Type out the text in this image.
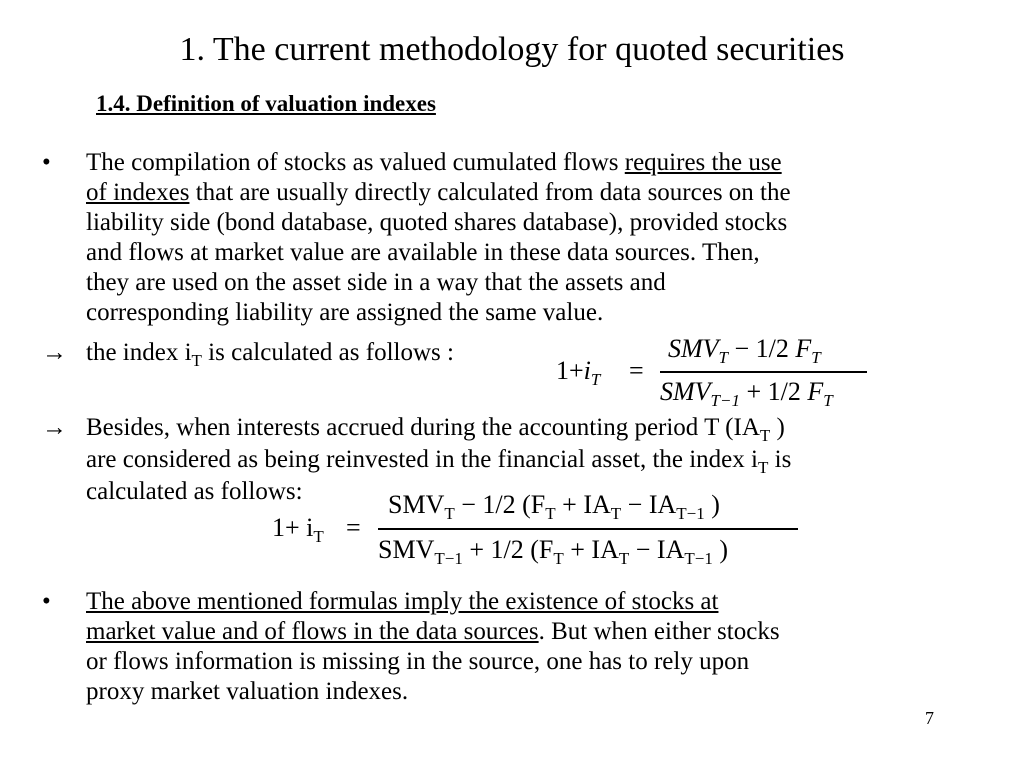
1. The current methodology for quoted securities
1.4. Definition of valuation indexes
• The compilation of stocks as valued cumulated flows requires the use
of indexes that are usually directly calculated from data sources on the
liability side (bond database, quoted shares database), provided stocks
and flows at market value are available in these data sources. Then,
they are used on the asset side in a way that the assets and
corresponding liability are assigned the same value.
→ the index $i_T$ is calculated as follows :
$1+i_T$ =
$SMV_T - 1/2$ $F_T$
$SMV_{T-1} + 1/2$ $F_T$
→ Besides, when interests accrued during the accounting period T ($IA_T$ )
are considered as being reinvested in the financial asset, the index $i_T$ is
calculated as follows:
$1+ i_T$ =
$SMV_T - 1/2$ ($F_T + IA_T - IA_{T-1}$ )
$SMV_{T-1} + 1/2$ ($F_T + IA_T - IA_{T-1}$ )
• The above mentioned formulas imply the existence of stocks at
market value and of flows in the data sources. But when either stocks
or flows information is missing in the source, one has to rely upon
proxy market valuation indexes.
7
